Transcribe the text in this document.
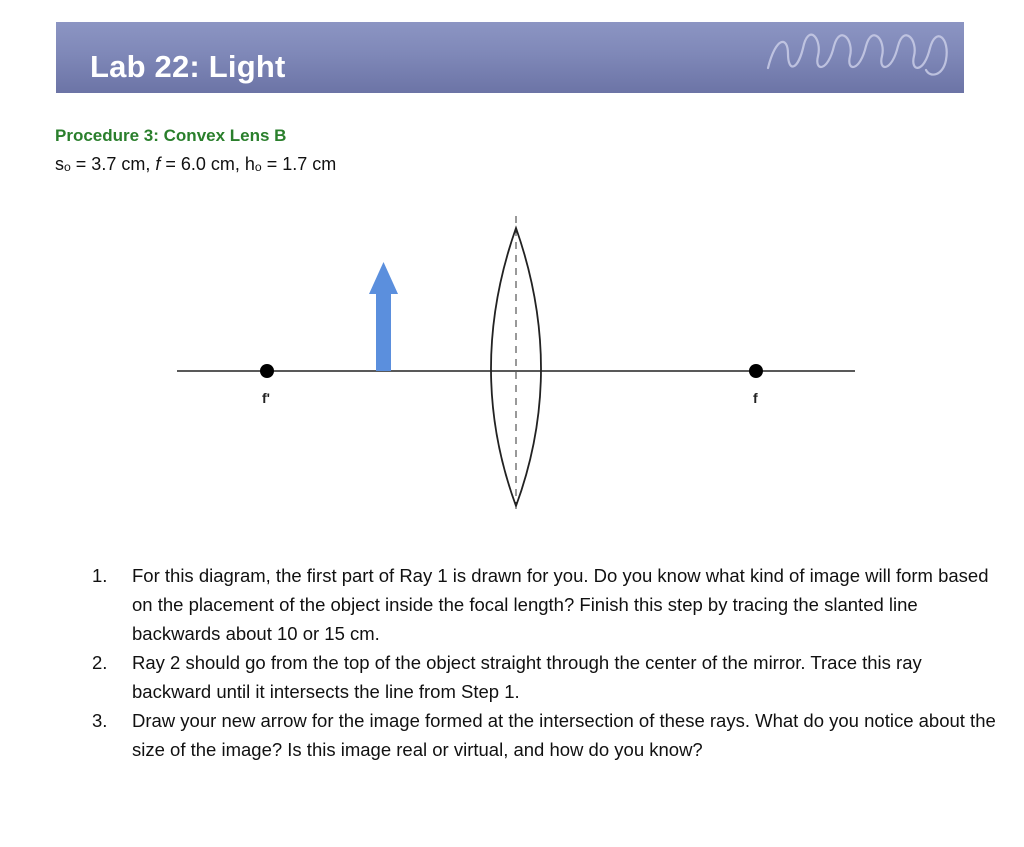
Lab 22: Light
Procedure 3: Convex Lens B
sₒ = 3.7 cm, f = 6.0 cm, hₒ = 1.7 cm
f'	f
1. For this diagram, the first part of Ray 1 is drawn for you. Do you know what kind of image will form based on the placement of the object inside the focal length? Finish this step by tracing the slanted line backwards about 10 or 15 cm.
2. Ray 2 should go from the top of the object straight through the center of the mirror. Trace this ray backward until it intersects the line from Step 1.
3. Draw your new arrow for the image formed at the intersection of these rays. What do you notice about the size of the image? Is this image real or virtual, and how do you know?
